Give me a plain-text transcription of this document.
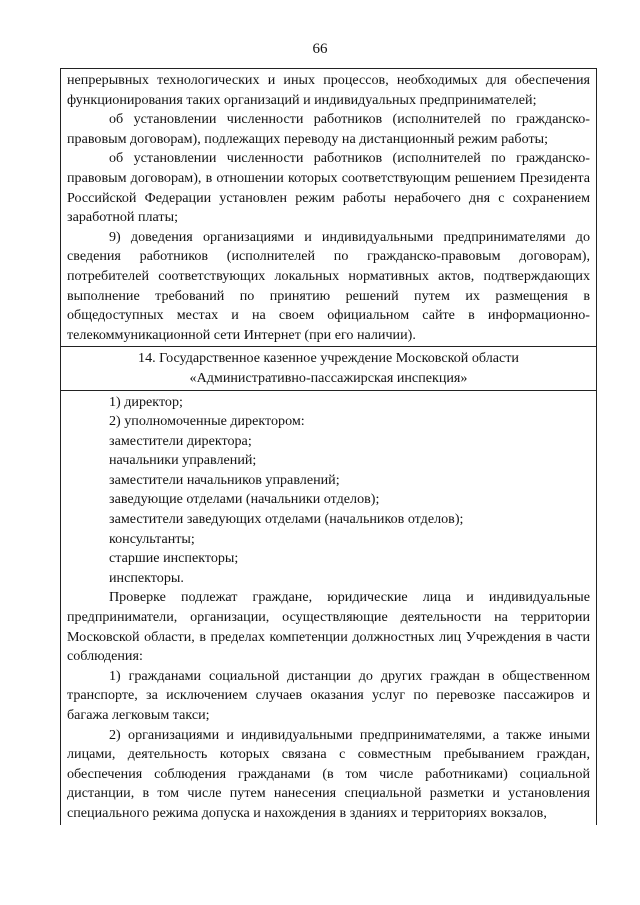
66

непрерывных технологических и иных процессов, необходимых для обеспечения функционирования таких организаций и индивидуальных предпринимателей;

об установлении численности работников (исполнителей по гражданско-правовым договорам), подлежащих переводу на дистанционный режим работы;

об установлении численности работников (исполнителей по гражданско-правовым договорам), в отношении которых соответствующим решением Президента Российской Федерации установлен режим работы нерабочего дня с сохранением заработной платы;

9) доведения организациями и индивидуальными предпринимателями до сведения работников (исполнителей по гражданско-правовым договорам), потребителей соответствующих локальных нормативных актов, подтверждающих выполнение требований по принятию решений путем их размещения в общедоступных местах и на своем официальном сайте в информационно-телекоммуникационной сети Интернет (при его наличии).

14. Государственное казенное учреждение Московской области

«Административно-пассажирская инспекция»

1) директор;

2) уполномоченные директором:

заместители директора;

начальники управлений;

заместители начальников управлений;

заведующие отделами (начальники отделов);

заместители заведующих отделами (начальников отделов);

консультанты;

старшие инспекторы;

инспекторы.

Проверке подлежат граждане, юридические лица и индивидуальные предприниматели, организации, осуществляющие деятельности на территории Московской области, в пределах компетенции должностных лиц Учреждения в части соблюдения:

1) гражданами социальной дистанции до других граждан в общественном транспорте, за исключением случаев оказания услуг по перевозке пассажиров и багажа легковым такси;

2) организациями и индивидуальными предпринимателями, а также иными лицами, деятельность которых связана с совместным пребыванием граждан, обеспечения соблюдения гражданами (в том числе работниками) социальной дистанции, в том числе путем нанесения специальной разметки и установления специального режима допуска и нахождения в зданиях и территориях вокзалов,
